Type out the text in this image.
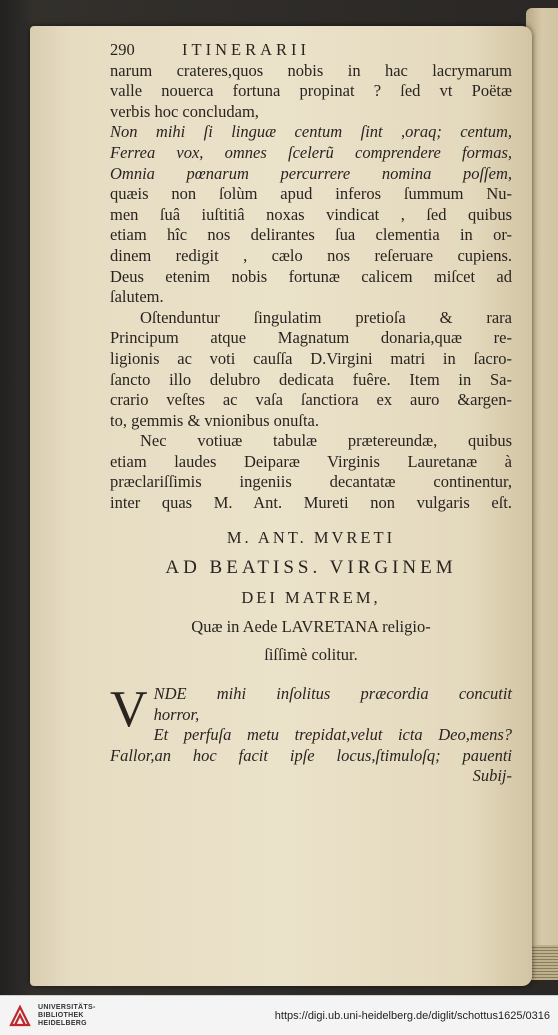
290	ITINERARII
narum crateres,quos nobis in hac lacrymarum
valle nouerca fortuna propinat ? ſed vt Poëtæ
verbis hoc concludam,
Non mihi ſi linguæ centum ſint ,oraq; centum,
Ferrea vox, omnes ſcelerũ comprendere formas,
Omnia pœnarum percurrere nomina poſſem,
quæis non ſolùm apud inferos ſummum Nu-
men ſuâ iuſtitiâ noxas vindicat , ſed quibus
etiam hîc nos delirantes ſua clementia in or-
dinem redigit , cælo nos reſeruare cupiens.
Deus etenim nobis fortunæ calicem miſcet ad
ſalutem.
Oſtenduntur ſingulatim pretioſa & rara
Principum atque Magnatum donaria,quæ re-
ligionis ac voti cauſſa D.Virgini matri in ſacro-
ſancto illo delubro dedicata fuêre. Item in Sa-
crario veſtes ac vaſa ſanctiora ex auro &argen-
to, gemmis & vnionibus onuſta.
Nec votiuæ tabulæ prætereundæ, quibus
etiam laudes Deiparæ Virginis Lauretanæ à
præclariſſimis ingeniis decantatæ continentur,
inter quas M. Ant. Mureti non vulgaris eſt.
M. ANT. MVRETI
AD BEATISS. VIRGINEM
DEI MATREM,
Quæ in Aede LAVRETANA religio-
ſiſſimè colitur.
V NDE mihi inſolitus præcordia concutit
horror,
Et perfuſa metu trepidat,velut icta Deo,mens?
Fallor,an hoc facit ipſe locus,ſtimuloſq; pauenti
Subij-
UNIVERSITÄTS-
BIBLIOTHEK
HEIDELBERG
https://digi.ub.uni-heidelberg.de/diglit/schottus1625/0316
